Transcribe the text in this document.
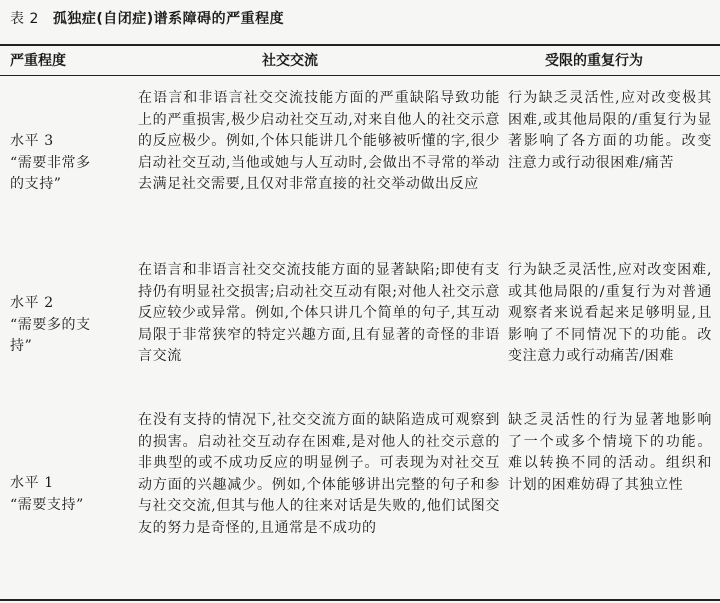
表 2 孤独症(自闭症)谱系障碍的严重程度
严重程度	社交交流	受限的重复行为
水平 3
“需要非常多
的支持”
在语言和非语言社交交流技能方面的严重缺陷导致功能上的严重损害,极少启动社交互动,对来自他人的社交示意的反应极少。例如,个体只能讲几个能够被听懂的字,很少启动社交互动,当他或她与人互动时,会做出不寻常的举动去满足社交需要,且仅对非常直接的社交举动做出反应
行为缺乏灵活性,应对改变极其困难,或其他局限的/重复行为显著影响了各方面的功能。改变注意力或行动很困难/痛苦
水平 2
“需要多的支
持”
在语言和非语言社交交流技能方面的显著缺陷;即使有支持仍有明显社交损害;启动社交互动有限;对他人社交示意反应较少或异常。例如,个体只讲几个简单的句子,其互动局限于非常狭窄的特定兴趣方面,且有显著的奇怪的非语言交流
行为缺乏灵活性,应对改变困难,或其他局限的/重复行为对普通观察者来说看起来足够明显,且影响了不同情况下的功能。改变注意力或行动痛苦/困难
水平 1
“需要支持”
在没有支持的情况下,社交交流方面的缺陷造成可观察到的损害。启动社交互动存在困难,是对他人的社交示意的非典型的或不成功反应的明显例子。可表现为对社交互动方面的兴趣减少。例如,个体能够讲出完整的句子和参与社交交流,但其与他人的往来对话是失败的,他们试图交友的努力是奇怪的,且通常是不成功的
缺乏灵活性的行为显著地影响了一个或多个情境下的功能。难以转换不同的活动。组织和计划的困难妨碍了其独立性
